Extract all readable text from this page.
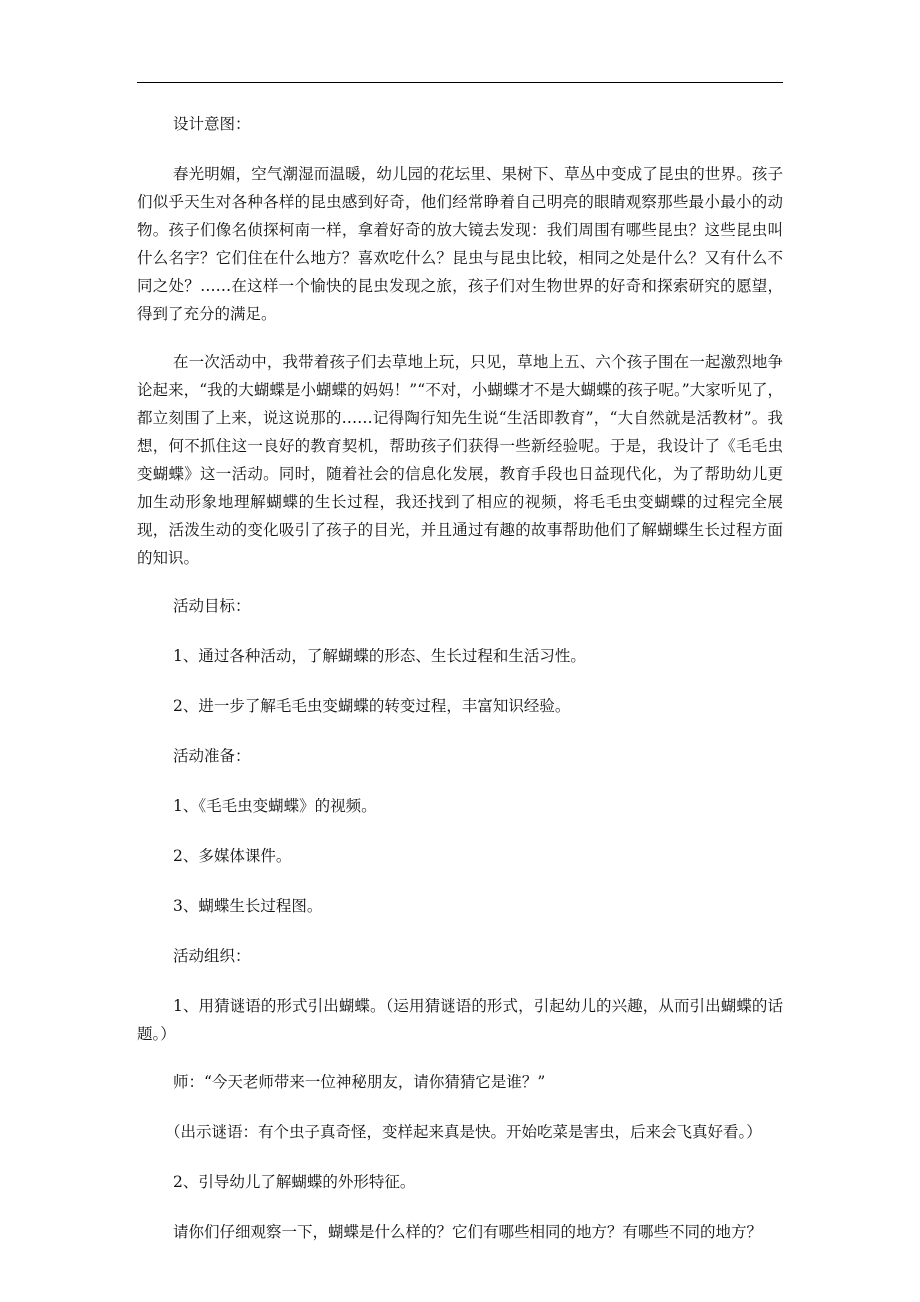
设计意图：

春光明媚，空气潮湿而温暖，幼儿园的花坛里、果树下、草丛中变成了昆虫的世界。孩子们似乎天生对各种各样的昆虫感到好奇，他们经常睁着自己明亮的眼睛观察那些最小最小的动物。孩子们像名侦探柯南一样，拿着好奇的放大镜去发现：我们周围有哪些昆虫？这些昆虫叫什么名字？它们住在什么地方？喜欢吃什么？昆虫与昆虫比较，相同之处是什么？又有什么不同之处？……在这样一个愉快的昆虫发现之旅，孩子们对生物世界的好奇和探索研究的愿望，得到了充分的满足。

在一次活动中，我带着孩子们去草地上玩，只见，草地上五、六个孩子围在一起激烈地争论起来，“我的大蝴蝶是小蝴蝶的妈妈！”“不对，小蝴蝶才不是大蝴蝶的孩子呢。”大家听见了，都立刻围了上来，说这说那的……记得陶行知先生说“生活即教育”，“大自然就是活教材”。我想，何不抓住这一良好的教育契机，帮助孩子们获得一些新经验呢。于是，我设计了《毛毛虫变蝴蝶》这一活动。同时，随着社会的信息化发展，教育手段也日益现代化，为了帮助幼儿更加生动形象地理解蝴蝶的生长过程，我还找到了相应的视频，将毛毛虫变蝴蝶的过程完全展现，活泼生动的变化吸引了孩子的目光，并且通过有趣的故事帮助他们了解蝴蝶生长过程方面的知识。

活动目标：

1、通过各种活动，了解蝴蝶的形态、生长过程和生活习性。

2、进一步了解毛毛虫变蝴蝶的转变过程，丰富知识经验。

活动准备：

1、《毛毛虫变蝴蝶》的视频。

2、多媒体课件。

3、蝴蝶生长过程图。

活动组织：

1、用猜谜语的形式引出蝴蝶。（运用猜谜语的形式，引起幼儿的兴趣，从而引出蝴蝶的话题。）

师：“今天老师带来一位神秘朋友，请你猜猜它是谁？”

（出示谜语：有个虫子真奇怪，变样起来真是快。开始吃菜是害虫，后来会飞真好看。）

2、引导幼儿了解蝴蝶的外形特征。

请你们仔细观察一下，蝴蝶是什么样的？它们有哪些相同的地方？有哪些不同的地方？
